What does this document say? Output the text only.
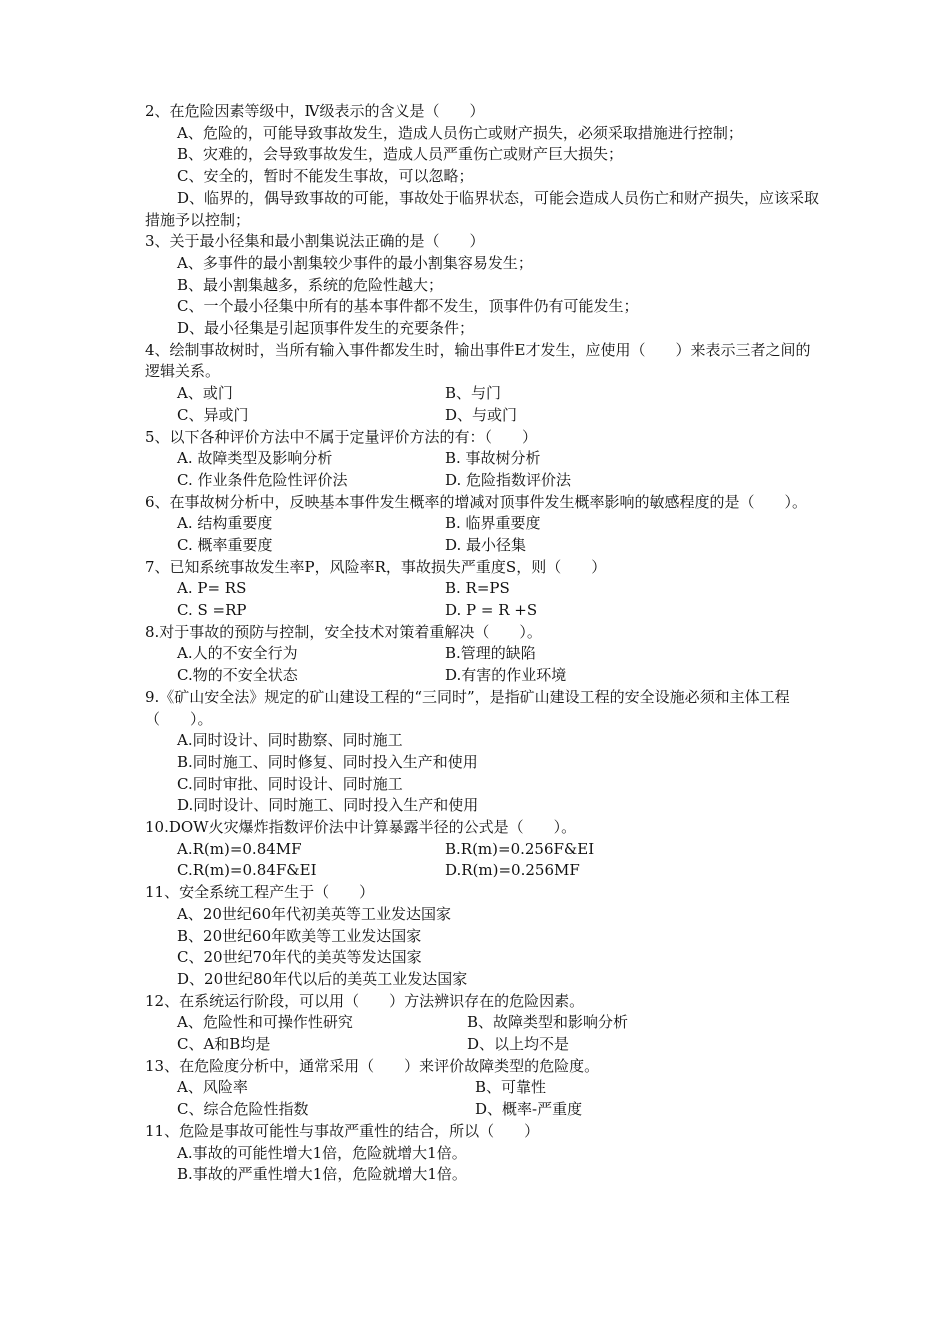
2、在危险因素等级中，Ⅳ级表示的含义是（　　）

A、危险的，可能导致事故发生，造成人员伤亡或财产损失，必须采取措施进行控制；

B、灾难的，会导致事故发生，造成人员严重伤亡或财产巨大损失；

C、安全的，暂时不能发生事故，可以忽略；

D、临界的，偶导致事故的可能，事故处于临界状态，可能会造成人员伤亡和财产损失，应该采取措施予以控制；

3、关于最小径集和最小割集说法正确的是（　　）

A、多事件的最小割集较少事件的最小割集容易发生；

B、最小割集越多，系统的危险性越大；

C、一个最小径集中所有的基本事件都不发生，顶事件仍有可能发生；

D、最小径集是引起顶事件发生的充要条件；

4、绘制事故树时，当所有输入事件都发生时，输出事件E才发生，应使用（　　）来表示三者之间的逻辑关系。

A、或门	B、与门
C、异或门	D、与或门

5、以下各种评价方法中不属于定量评价方法的有：（　　）

A. 故障类型及影响分析	B. 事故树分析
C. 作业条件危险性评价法	D. 危险指数评价法

6、在事故树分析中，反映基本事件发生概率的增减对顶事件发生概率影响的敏感程度的是（　　）。

A. 结构重要度	B. 临界重要度
C. 概率重要度	D. 最小径集

7、已知系统事故发生率P，风险率R，事故损失严重度S，则（　　）

A. P= RS	B. R=PS
C. S =RP	D. P = R +S

8.对于事故的预防与控制，安全技术对策着重解决（　　）。

A.人的不安全行为	B.管理的缺陷
C.物的不安全状态	D.有害的作业环境

9.《矿山安全法》规定的矿山建设工程的“三同时”，是指矿山建设工程的安全设施必须和主体工程（　　）。

A.同时设计、同时勘察、同时施工

B.同时施工、同时修复、同时投入生产和使用

C.同时审批、同时设计、同时施工

D.同时设计、同时施工、同时投入生产和使用

10.DOW火灾爆炸指数评价法中计算暴露半径的公式是（　　）。

A.R(m)=0.84MF	B.R(m)=0.256F&EI
C.R(m)=0.84F&EI	D.R(m)=0.256MF

11、安全系统工程产生于（　　）

A、20世纪60年代初美英等工业发达国家

B、20世纪60年欧美等工业发达国家

C、20世纪70年代的美英等发达国家

D、20世纪80年代以后的美英工业发达国家

12、在系统运行阶段，可以用（　　）方法辨识存在的危险因素。

A、危险性和可操作性研究	B、故障类型和影响分析
C、A和B均是	D、以上均不是

13、在危险度分析中，通常采用（　　）来评价故障类型的危险度。

A、风险率	B、可靠性
C、综合危险性指数	D、概率-严重度

11、危险是事故可能性与事故严重性的结合，所以（　　）

A.事故的可能性增大1倍，危险就增大1倍。

B.事故的严重性增大1倍，危险就增大1倍。
